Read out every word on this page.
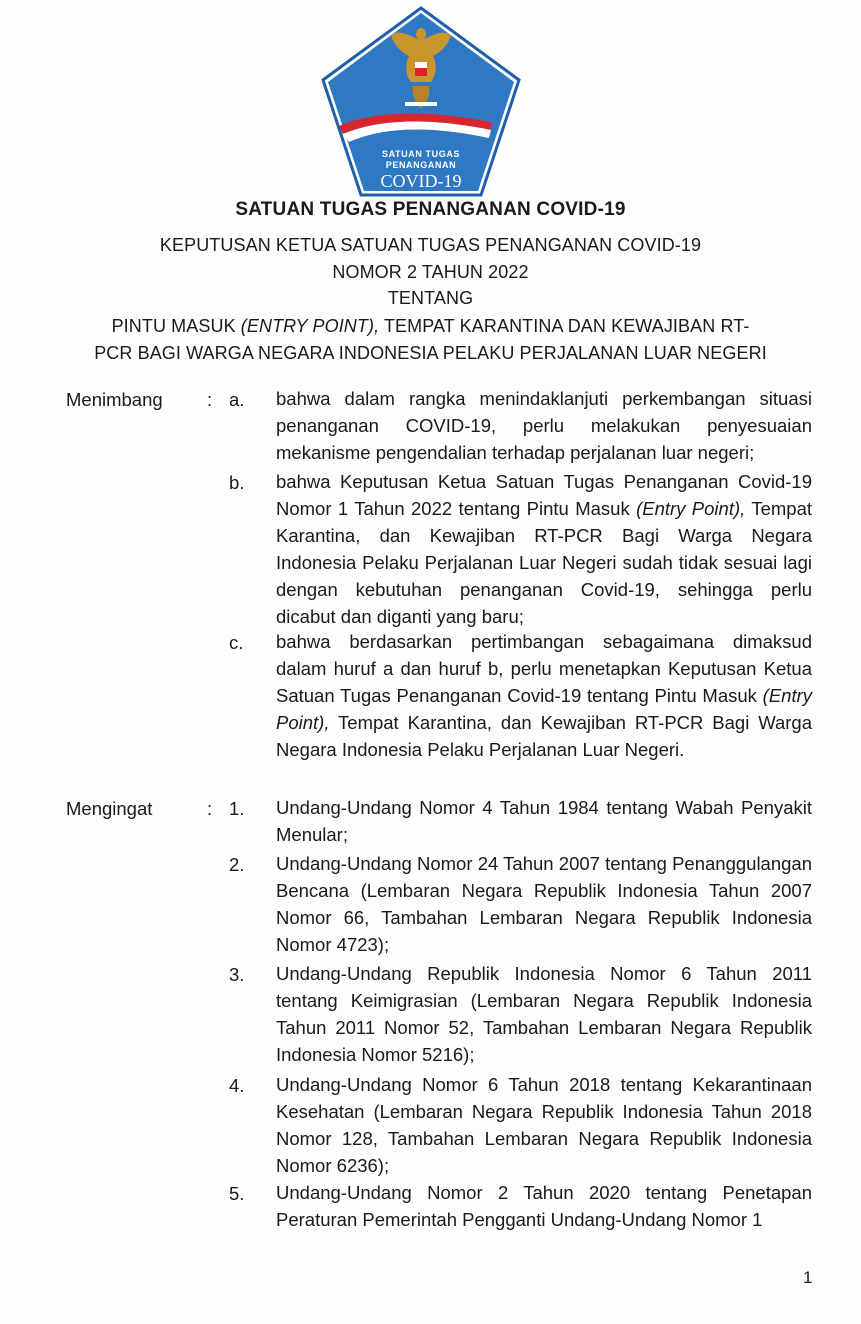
SATUAN TUGAS
PENANGANAN
COVID-19
SATUAN TUGAS PENANGANAN COVID-19
KEPUTUSAN KETUA SATUAN TUGAS PENANGANAN COVID-19
NOMOR 2 TAHUN 2022
TENTANG
PINTU MASUK (ENTRY POINT), TEMPAT KARANTINA DAN KEWAJIBAN RT-
PCR BAGI WARGA NEGARA INDONESIA PELAKU PERJALANAN LUAR NEGERI
Menimbang : a. bahwa dalam rangka menindaklanjuti perkembangan situasi penanganan COVID-19, perlu melakukan penyesuaian mekanisme pengendalian terhadap perjalanan luar negeri;
b. bahwa Keputusan Ketua Satuan Tugas Penanganan Covid-19 Nomor 1 Tahun 2022 tentang Pintu Masuk (Entry Point), Tempat Karantina, dan Kewajiban RT-PCR Bagi Warga Negara Indonesia Pelaku Perjalanan Luar Negeri sudah tidak sesuai lagi dengan kebutuhan penanganan Covid-19, sehingga perlu dicabut dan diganti yang baru;
c. bahwa berdasarkan pertimbangan sebagaimana dimaksud dalam huruf a dan huruf b, perlu menetapkan Keputusan Ketua Satuan Tugas Penanganan Covid-19 tentang Pintu Masuk (Entry Point), Tempat Karantina, dan Kewajiban RT-PCR Bagi Warga Negara Indonesia Pelaku Perjalanan Luar Negeri.
Mengingat	: 1. Undang-Undang Nomor 4 Tahun 1984 tentang Wabah Penyakit Menular;
2. Undang-Undang Nomor 24 Tahun 2007 tentang Penanggulangan Bencana (Lembaran Negara Republik Indonesia Tahun 2007 Nomor 66, Tambahan Lembaran Negara Republik Indonesia Nomor 4723);
3. Undang-Undang Republik Indonesia Nomor 6 Tahun 2011 tentang Keimigrasian (Lembaran Negara Republik Indonesia Tahun 2011 Nomor 52, Tambahan Lembaran Negara Republik Indonesia Nomor 5216);
4. Undang-Undang Nomor 6 Tahun 2018 tentang Kekarantinaan Kesehatan (Lembaran Negara Republik Indonesia Tahun 2018 Nomor 128, Tambahan Lembaran Negara Republik Indonesia Nomor 6236);
5. Undang-Undang Nomor 2 Tahun 2020 tentang Penetapan Peraturan Pemerintah Pengganti Undang-Undang Nomor 1
1
